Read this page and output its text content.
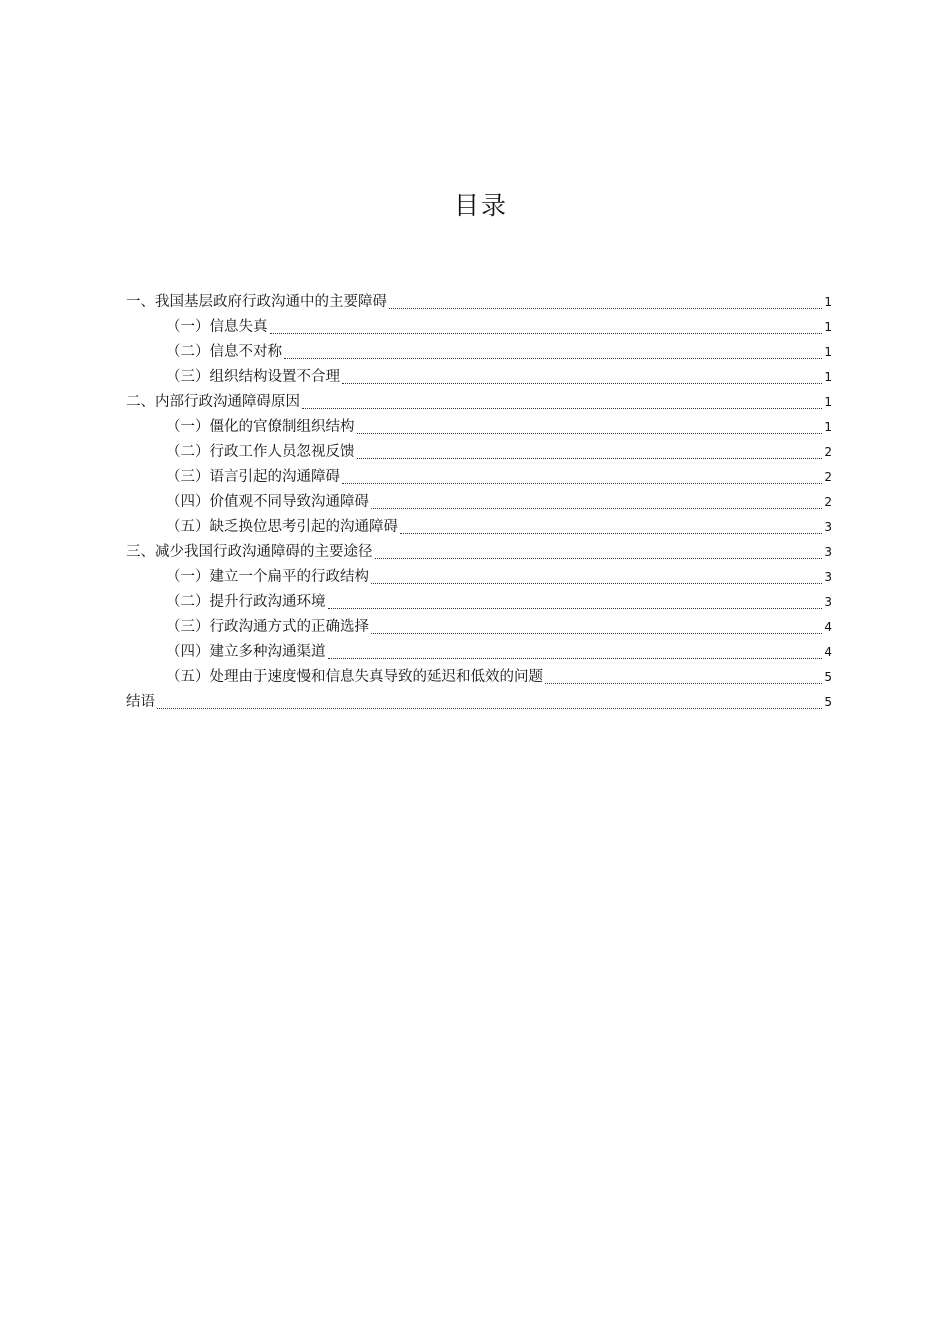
目录
一、我国基层政府行政沟通中的主要障碍	1
（一）信息失真	1
（二）信息不对称	1
（三）组织结构设置不合理	1
二、内部行政沟通障碍原因	1
（一）僵化的官僚制组织结构	1
（二）行政工作人员忽视反馈	2
（三）语言引起的沟通障碍	2
（四）价值观不同导致沟通障碍	2
（五）缺乏换位思考引起的沟通障碍	3
三、减少我国行政沟通障碍的主要途径	3
（一）建立一个扁平的行政结构	3
（二）提升行政沟通环境	3
（三）行政沟通方式的正确选择	4
（四）建立多种沟通渠道	4
（五）处理由于速度慢和信息失真导致的延迟和低效的问题	5
结语	5
